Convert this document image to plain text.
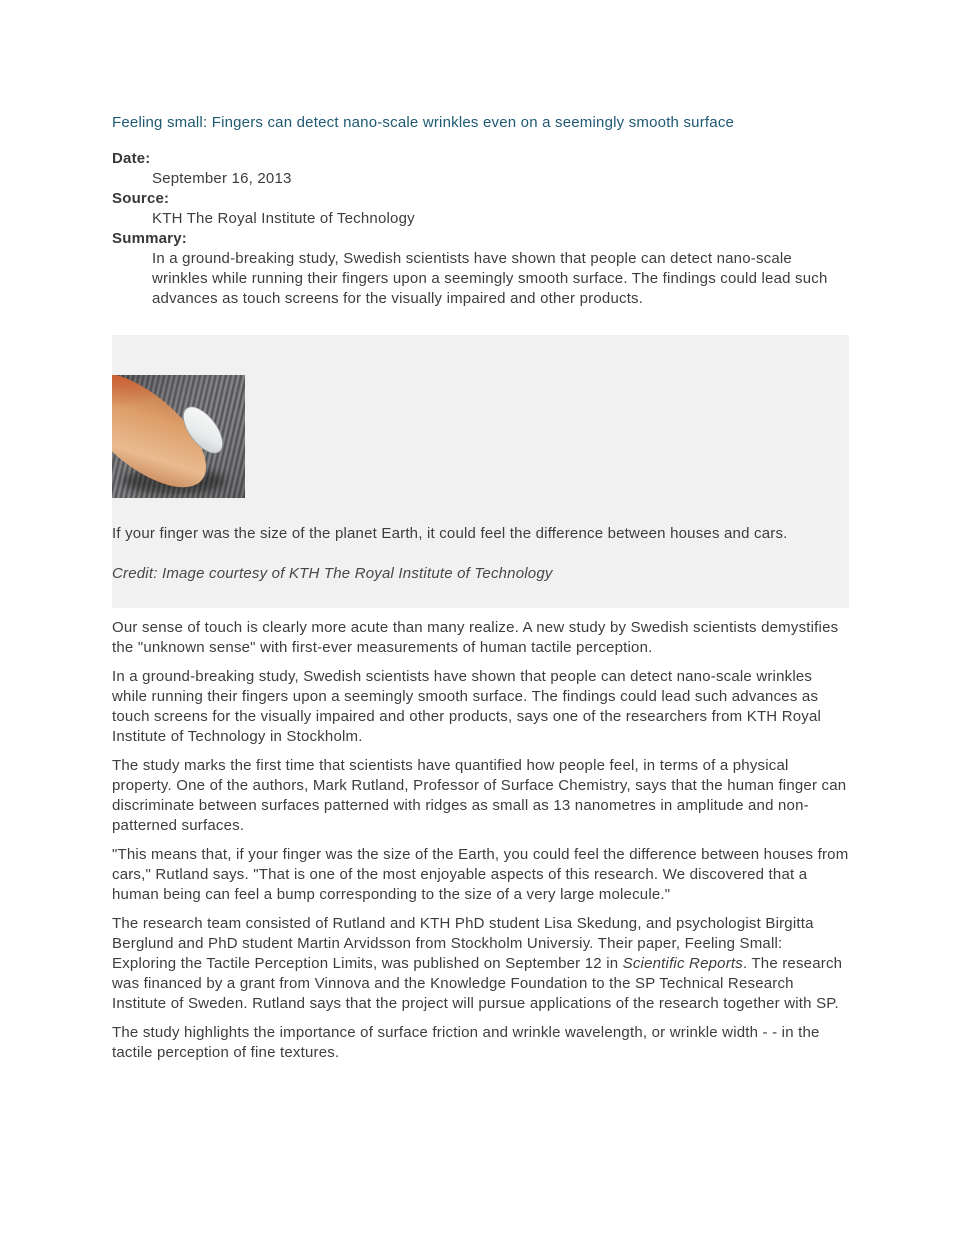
Feeling small: Fingers can detect nano-scale wrinkles even on a seemingly smooth surface
Date:
September 16, 2013
Source:
KTH The Royal Institute of Technology
Summary:
In a ground-breaking study, Swedish scientists have shown that people can detect nano-scale wrinkles while running their fingers upon a seemingly smooth surface. The findings could lead such advances as touch screens for the visually impaired and other products.
If your finger was the size of the planet Earth, it could feel the difference between houses and cars.

Credit: Image courtesy of KTH The Royal Institute of Technology

Our sense of touch is clearly more acute than many realize. A new study by Swedish scientists demystifies the "unknown sense" with first-ever measurements of human tactile perception.

In a ground-breaking study, Swedish scientists have shown that people can detect nano-scale wrinkles while running their fingers upon a seemingly smooth surface. The findings could lead such advances as touch screens for the visually impaired and other products, says one of the researchers from KTH Royal Institute of Technology in Stockholm.

The study marks the first time that scientists have quantified how people feel, in terms of a physical property. One of the authors, Mark Rutland, Professor of Surface Chemistry, says that the human finger can discriminate between surfaces patterned with ridges as small as 13 nanometres in amplitude and non-patterned surfaces.

"This means that, if your finger was the size of the Earth, you could feel the difference between houses from cars," Rutland says. "That is one of the most enjoyable aspects of this research. We discovered that a human being can feel a bump corresponding to the size of a very large molecule."

The research team consisted of Rutland and KTH PhD student Lisa Skedung, and psychologist Birgitta Berglund and PhD student Martin Arvidsson from Stockholm Universiy. Their paper, Feeling Small: Exploring the Tactile Perception Limits, was published on September 12 in Scientific Reports. The research was financed by a grant from Vinnova and the Knowledge Foundation to the SP Technical Research Institute of Sweden. Rutland says that the project will pursue applications of the research together with SP.

The study highlights the importance of surface friction and wrinkle wavelength, or wrinkle width - - in the tactile perception of fine textures.
